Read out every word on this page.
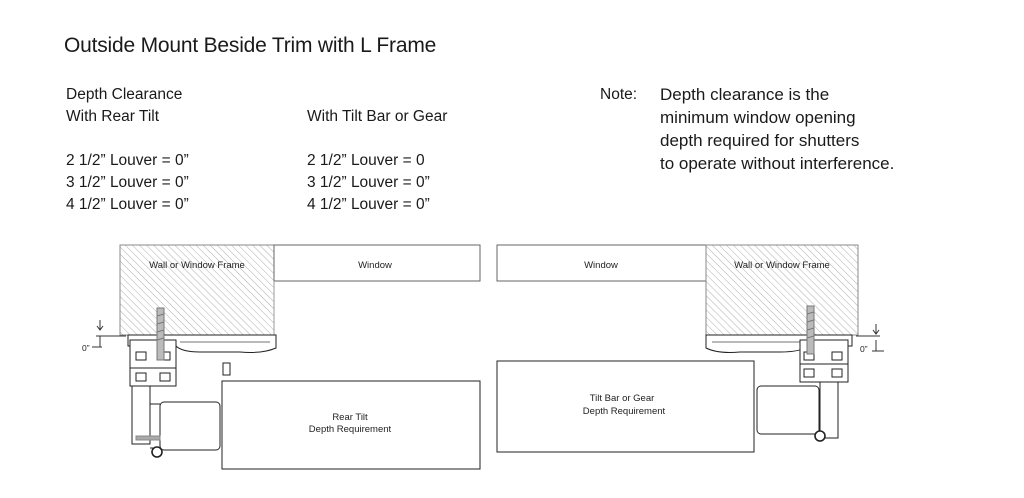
Outside Mount Beside Trim with L Frame
Depth Clearance
With Rear Tilt
2 1/2” Louver = 0”
3 1/2” Louver = 0”
4 1/2” Louver = 0”
With Tilt Bar or Gear
2 1/2” Louver = 0
3 1/2” Louver = 0”
4 1/2” Louver = 0”
Note: Depth clearance is the
minimum window opening
depth required for shutters
to operate without interference.
Wall or Window Frame	Window
Rear Tilt
Depth Requirement
0”
Window	Wall or Window Frame
Tilt Bar or Gear
Depth Requirement
0”
